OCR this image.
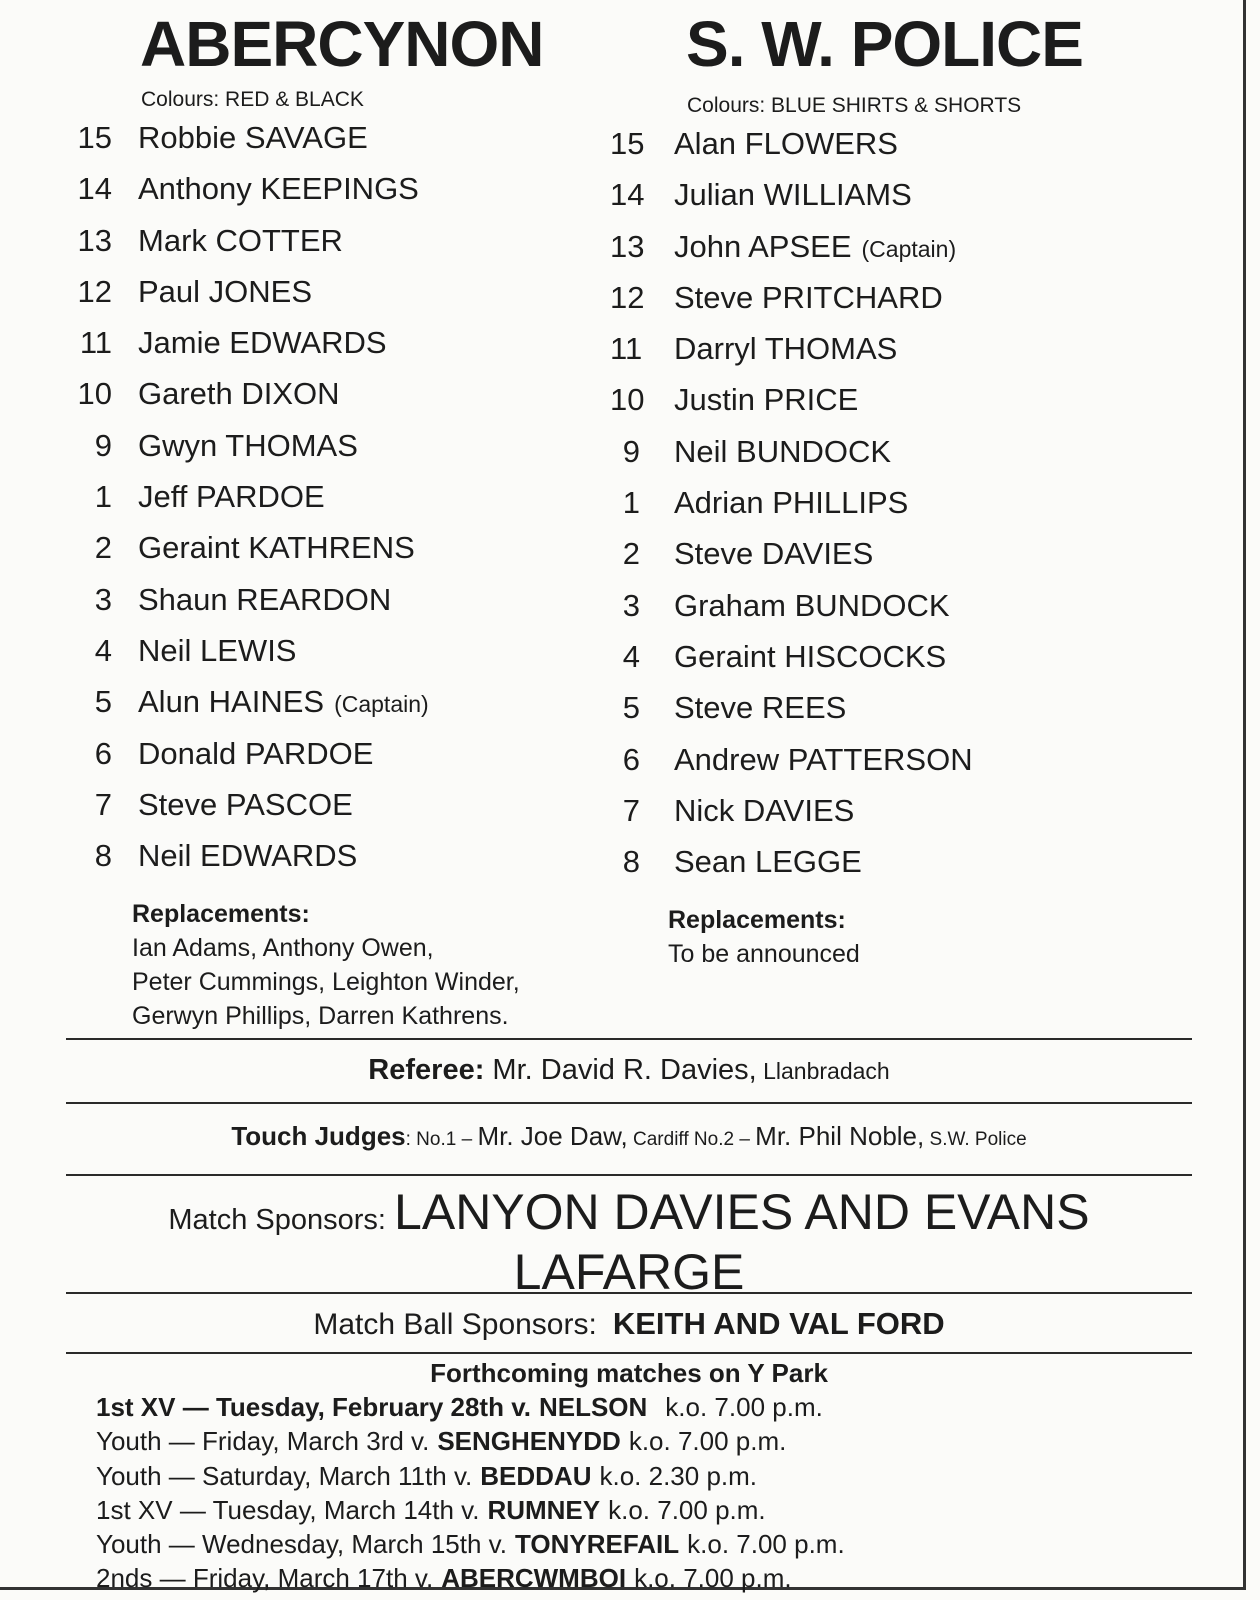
ABERCYNON
Colours: RED & BLACK
15 Robbie SAVAGE
14 Anthony KEEPINGS
13 Mark COTTER
12 Paul JONES
11 Jamie EDWARDS
10 Gareth DIXON
9 Gwyn THOMAS
1 Jeff PARDOE
2 Geraint KATHRENS
3 Shaun REARDON
4 Neil LEWIS
5 Alun HAINES (Captain)
6 Donald PARDOE
7 Steve PASCOE
8 Neil EDWARDS
Replacements:
Ian Adams, Anthony Owen,
Peter Cummings, Leighton Winder,
Gerwyn Phillips, Darren Kathrens.
S. W. POLICE
Colours: BLUE SHIRTS & SHORTS
15 Alan FLOWERS
14 Julian WILLIAMS
13 John APSEE (Captain)
12 Steve PRITCHARD
11	Darryl THOMAS
10 Justin PRICE
9	Neil BUNDOCK
1	Adrian PHILLIPS
2	Steve DAVIES
3	Graham BUNDOCK
4	Geraint HISCOCKS
5	Steve REES
6	Andrew PATTERSON
7	Nick DAVIES
8	Sean LEGGE
Replacements:
To be announced
Referee: Mr. David R. Davies, Llanbradach
Touch Judges: No.1 – Mr. Joe Daw, Cardiff No.2 – Mr. Phil Noble, S.W. Police
Match Sponsors: LANYON DAVIES AND EVANS
LAFARGE
Match Ball Sponsors: KEITH AND VAL FORD
Forthcoming matches on Y Park
1st XV — Tuesday, February 28th v. NELSON k.o. 7.00 p.m.
Youth — Friday, March 3rd v. SENGHENYDD k.o. 7.00 p.m.
Youth — Saturday, March 11th v. BEDDAU k.o. 2.30 p.m.
1st XV — Tuesday, March 14th v. RUMNEY k.o. 7.00 p.m.
Youth — Wednesday, March 15th v. TONYREFAIL k.o. 7.00 p.m.
2nds — Friday, March 17th v. ABERCWMBOI k.o. 7.00 p.m.
